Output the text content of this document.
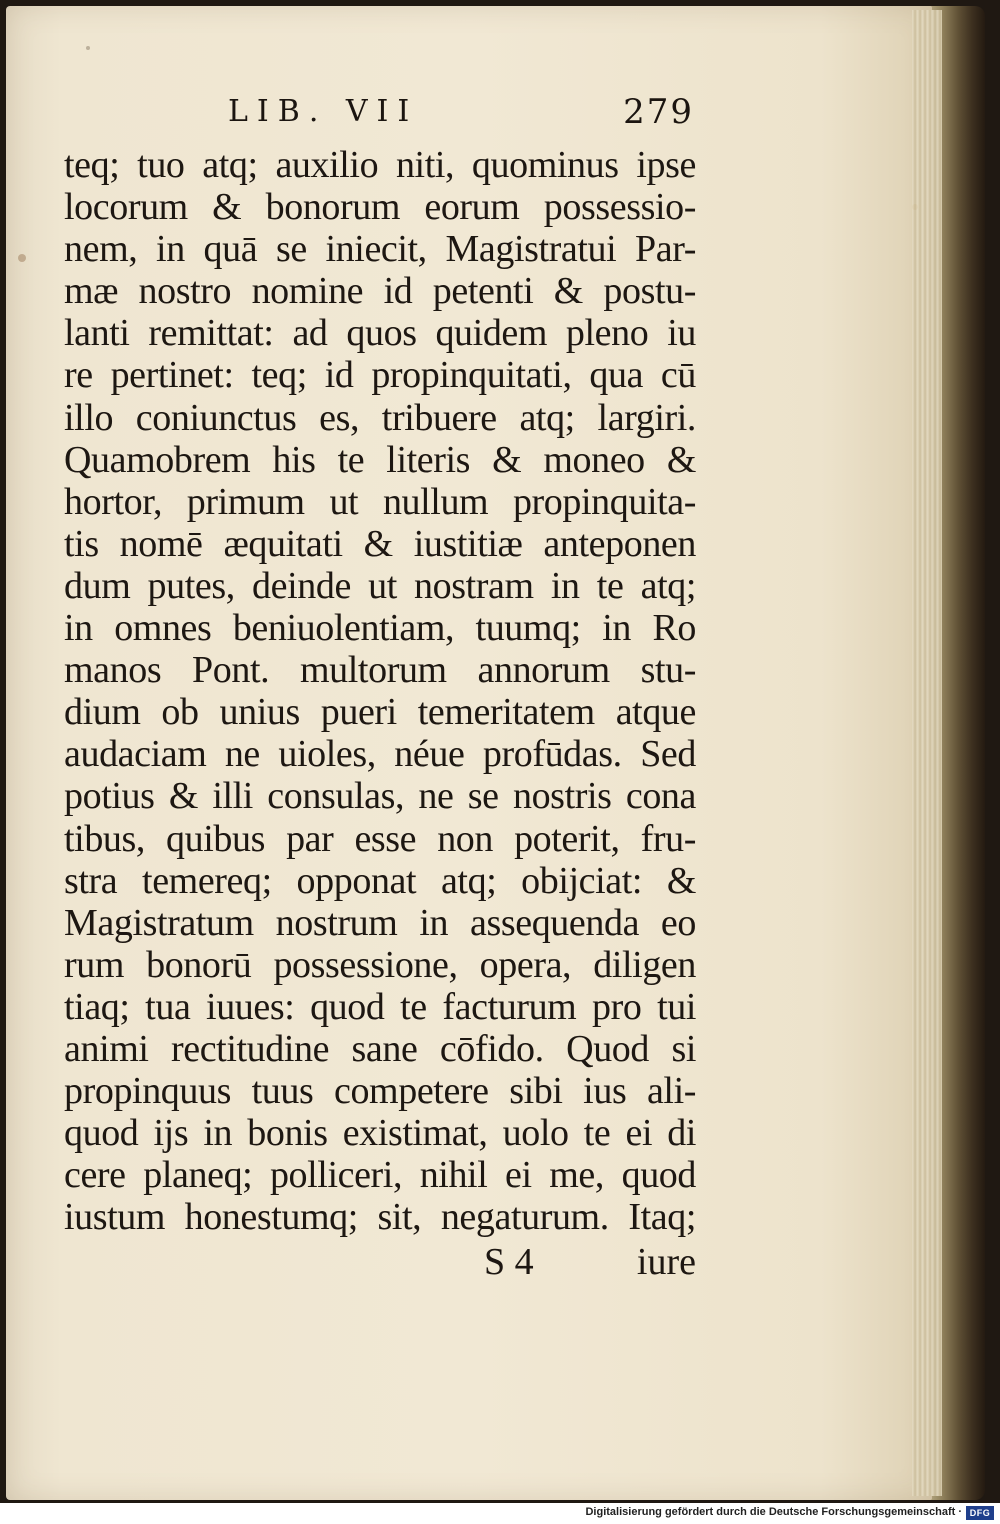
LIB. VII	279
teq; tuo atq; auxilio niti, quominus ipse
locorum & bonorum eorum possessio-
nem, in quā se iniecit, Magistratui Par-
mæ nostro nomine id petenti & postu-
lanti remittat: ad quos quidem pleno iu
re pertinet: teq; id propinquitati, qua cū
illo coniunctus es, tribuere atq; largiri.
Quamobrem his te literis & moneo &
hortor, primum ut nullum propinquita-
tis nomē æquitati & iustitiæ anteponen
dum putes, deinde ut nostram in te atq;
in omnes beniuolentiam, tuumq; in Ro
manos Pont. multorum annorum stu-
dium ob unius pueri temeritatem atque
audaciam ne uioles, néue profūdas. Sed
potius & illi consulas, ne se nostris cona
tibus, quibus par esse non poterit, fru-
stra temereq; opponat atq; obijciat: &
Magistratum nostrum in assequenda eo
rum bonorū possessione, opera, diligen
tiaq; tua iuues: quod te facturum pro tui
animi rectitudine sane cōfido. Quod si
propinquus tuus competere sibi ius ali-
quod ijs in bonis existimat, uolo te ei di
cere planeq; polliceri, nihil ei me, quod
iustum honestumq; sit, negaturum. Itaq;
S 4	iure
Digitalisierung gefördert durch die Deutsche Forschungsgemeinschaft · DFG
